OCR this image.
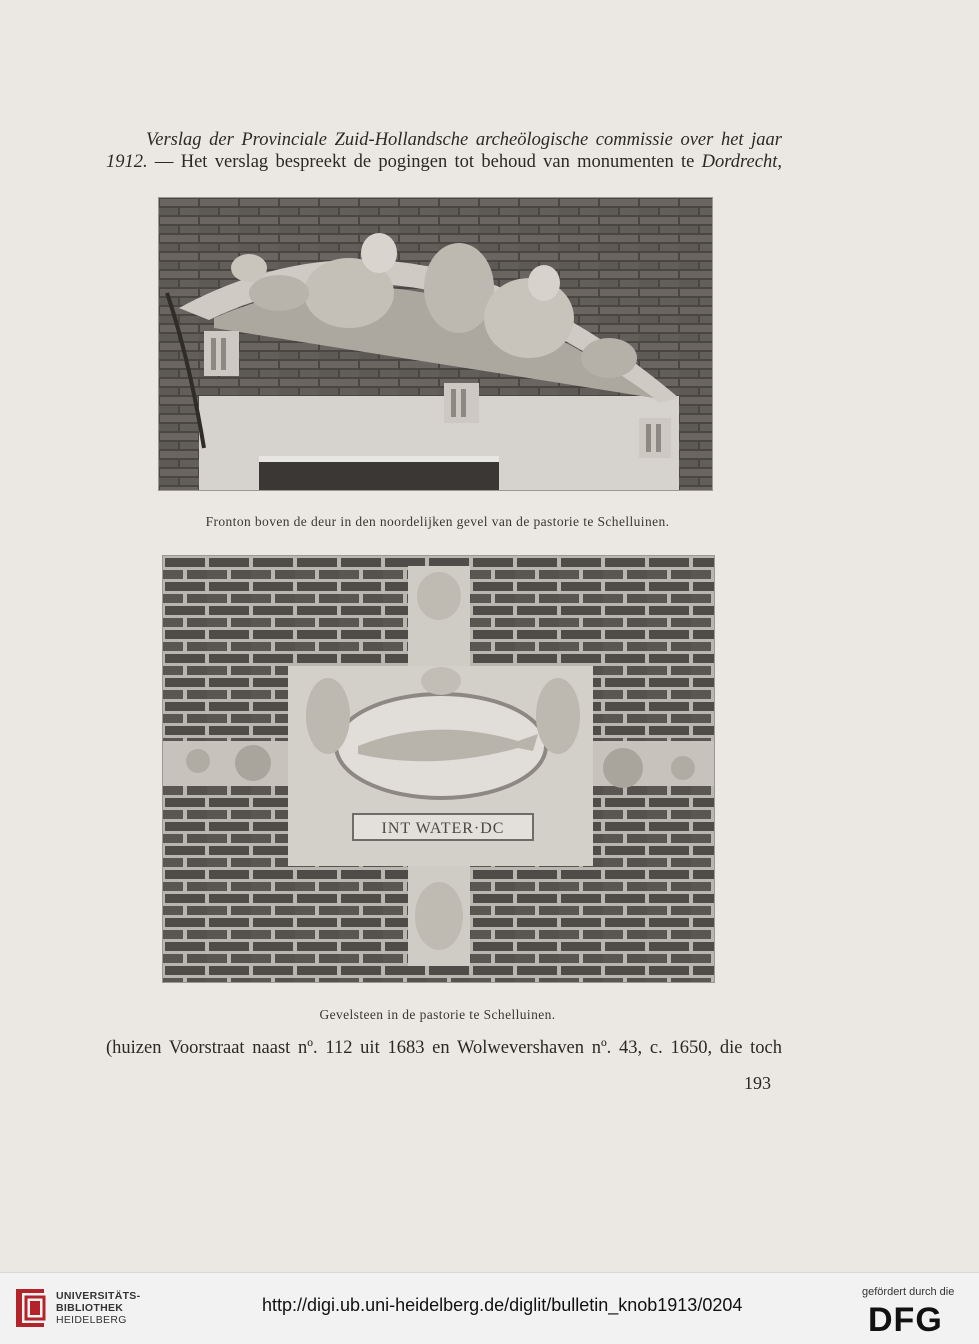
Verslag der Provinciale Zuid-Hollandsche archeölogische commissie over het jaar

1912. — Het verslag bespreekt de pogingen tot behoud van monumenten te Dordrecht,

Fronton boven de deur in den noordelijken gevel van de pastorie te Schelluinen.
INT WATER·DC
Gevelsteen in de pastorie te Schelluinen.

(huizen Voorstraat naast nº. 112 uit 1683 en Wolwevershaven nº. 43, c. 1650, die toch

193
UNIVERSITÄTS-
BIBLIOTHEK
HEIDELBERG
http://digi.ub.uni-heidelberg.de/diglit/bulletin_knob1913/0204
gefördert durch die
DFG
